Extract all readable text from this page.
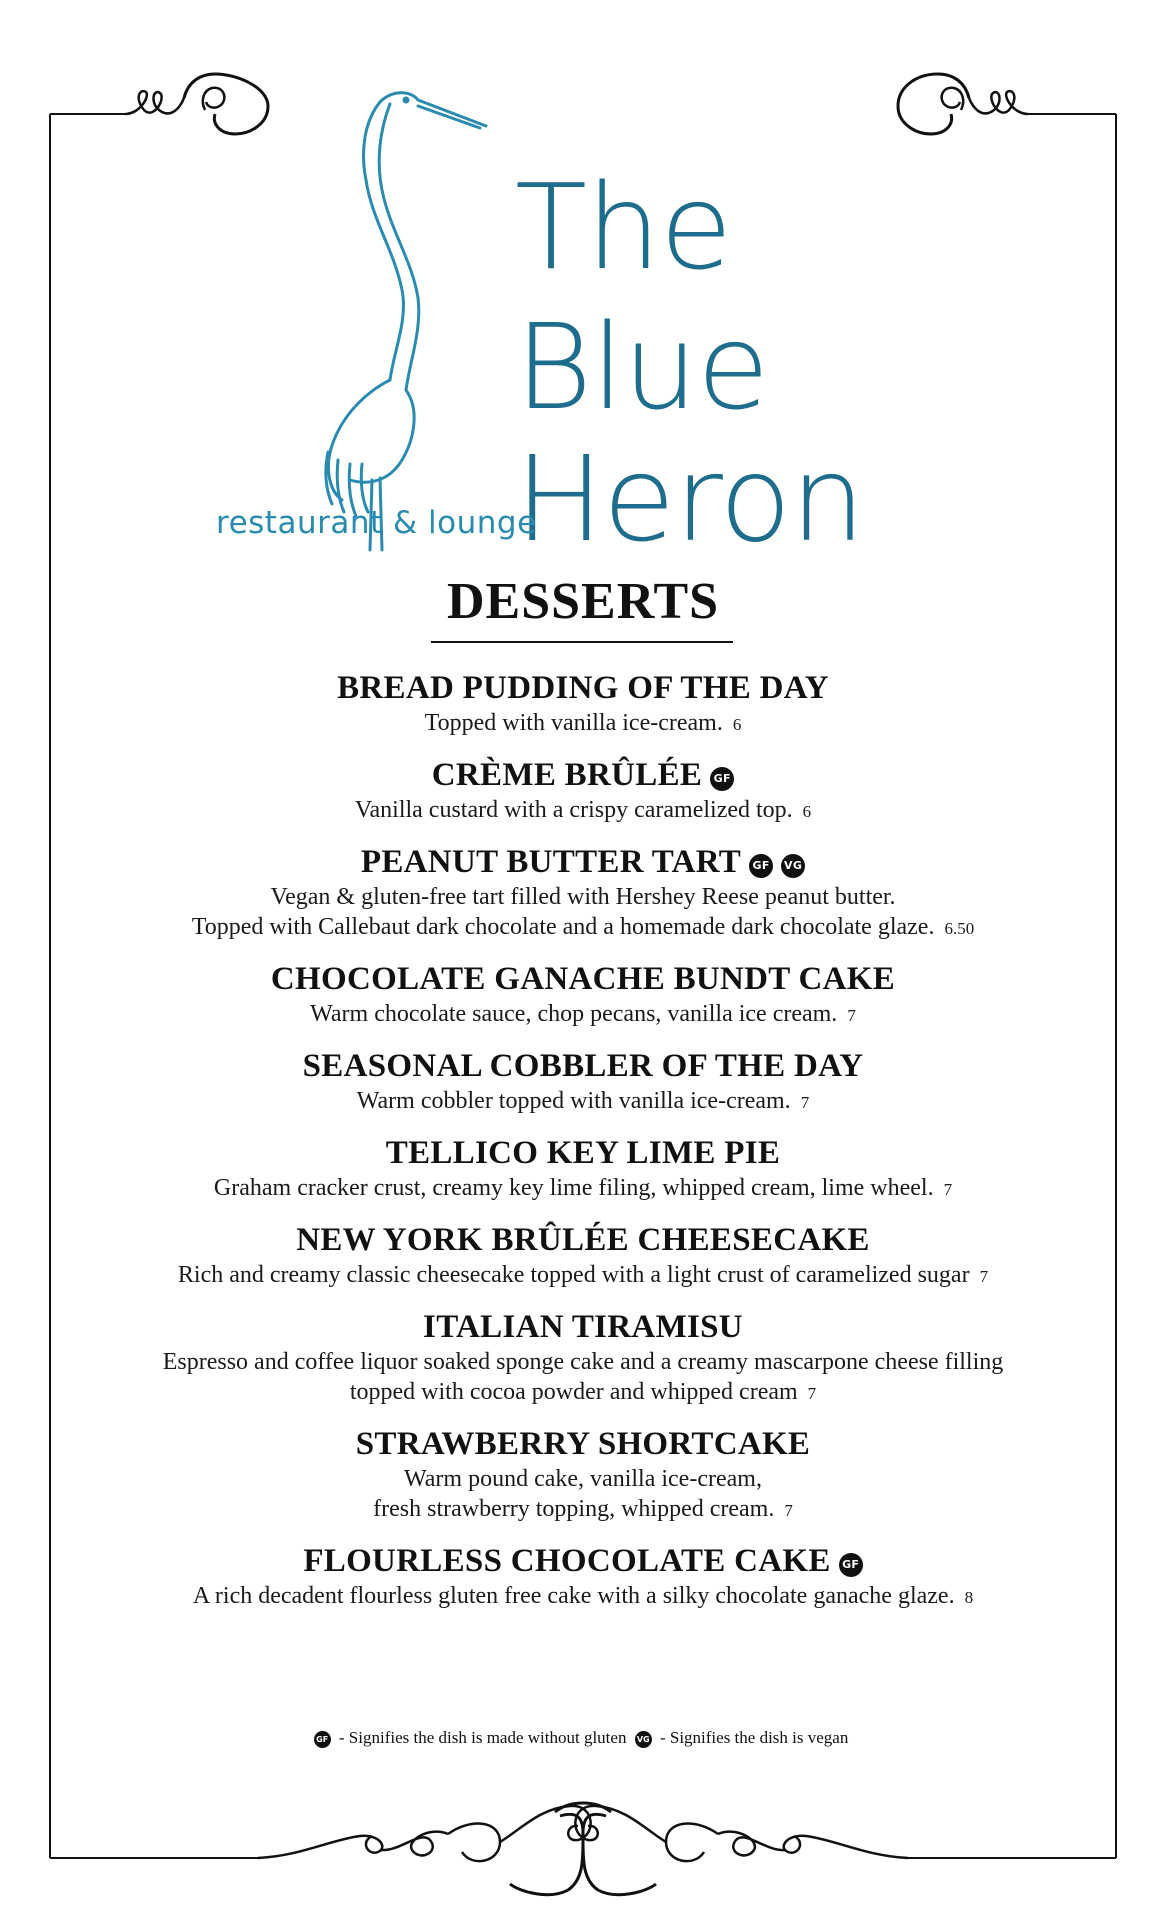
The
Blue
Heron
restaurant & lounge
DESSERTS
BREAD PUDDING OF THE DAY
Topped with vanilla ice-cream. 6
CRÈME BRÛLÉE GF
Vanilla custard with a crispy caramelized top. 6
PEANUT BUTTER TART GF VG
Vegan & gluten-free tart filled with Hershey Reese peanut butter.
Topped with Callebaut dark chocolate and a homemade dark chocolate glaze. 6.50
CHOCOLATE GANACHE BUNDT CAKE
Warm chocolate sauce, chop pecans, vanilla ice cream. 7
SEASONAL COBBLER OF THE DAY
Warm cobbler topped with vanilla ice-cream. 7
TELLICO KEY LIME PIE
Graham cracker crust, creamy key lime filing, whipped cream, lime wheel. 7
NEW YORK BRÛLÉE CHEESECAKE
Rich and creamy classic cheesecake topped with a light crust of caramelized sugar 7
ITALIAN TIRAMISU
Espresso and coffee liquor soaked sponge cake and a creamy mascarpone cheese filling
topped with cocoa powder and whipped cream 7
STRAWBERRY SHORTCAKE
Warm pound cake, vanilla ice-cream,
fresh strawberry topping, whipped cream. 7
FLOURLESS CHOCOLATE CAKE GF
A rich decadent flourless gluten free cake with a silky chocolate ganache glaze. 8
GF - Signifies the dish is made without gluten VG - Signifies the dish is vegan
